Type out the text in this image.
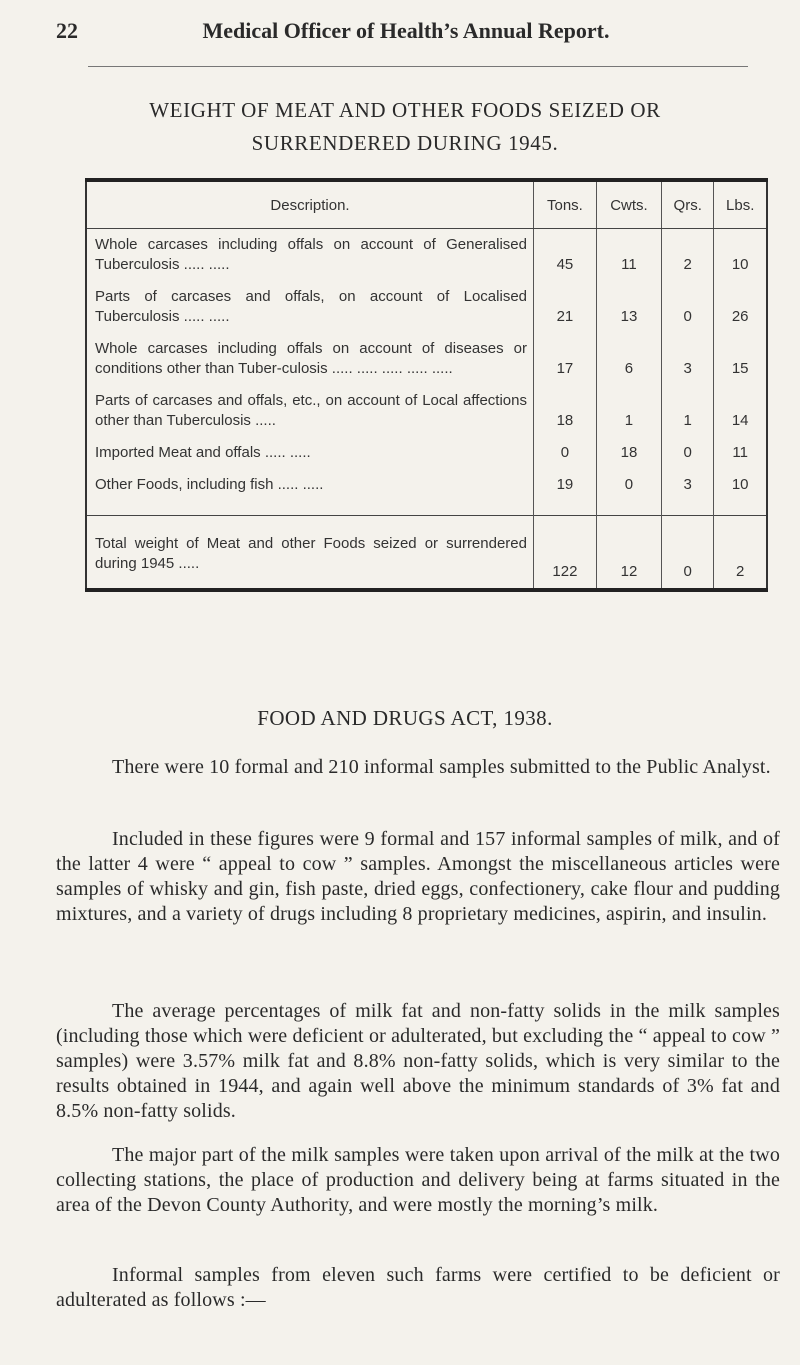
22	Medical Officer of Health’s Annual Report.
WEIGHT OF MEAT AND OTHER FOODS SEIZED OR
SURRENDERED DURING 1945.
Description.	Tons.	Cwts.	Qrs.	Lbs.
Whole carcases including offals on account of Generalised Tuberculosis ..... .....	45	11	2	10
Parts of carcases and offals, on account of Localised Tuberculosis ..... .....	21	13	0	26
Whole carcases including offals on account of diseases or conditions other than Tuber-culosis ..... ..... ..... ..... .....	17	6	3	15
Parts of carcases and offals, etc., on account of Local affections other than Tuberculosis .....	18	1	1	14
Imported Meat and offals ..... .....	0	18	0	11
Other Foods, including fish ..... .....	19	0	3	10

Total weight of Meat and other Foods seized or surrendered during 1945 .....	122	12	0	2
FOOD AND DRUGS ACT, 1938.

There were 10 formal and 210 informal samples submitted to the Public Analyst.

Included in these figures were 9 formal and 157 informal samples of milk, and of the latter 4 were “ appeal to cow ” samples. Amongst the miscellaneous articles were samples of whisky and gin, fish paste, dried eggs, confectionery, cake flour and pudding mixtures, and a variety of drugs including 8 proprietary medicines, aspirin, and insulin.

The average percentages of milk fat and non-fatty solids in the milk samples (including those which were deficient or adulterated, but excluding the “ appeal to cow ” samples) were 3.57% milk fat and 8.8% non-fatty solids, which is very similar to the results obtained in 1944, and again well above the minimum standards of 3% fat and 8.5% non-fatty solids.

The major part of the milk samples were taken upon arrival of the milk at the two collecting stations, the place of production and delivery being at farms situated in the area of the Devon County Authority, and were mostly the morning’s milk.

Informal samples from eleven such farms were certified to be deficient or adulterated as follows :—
